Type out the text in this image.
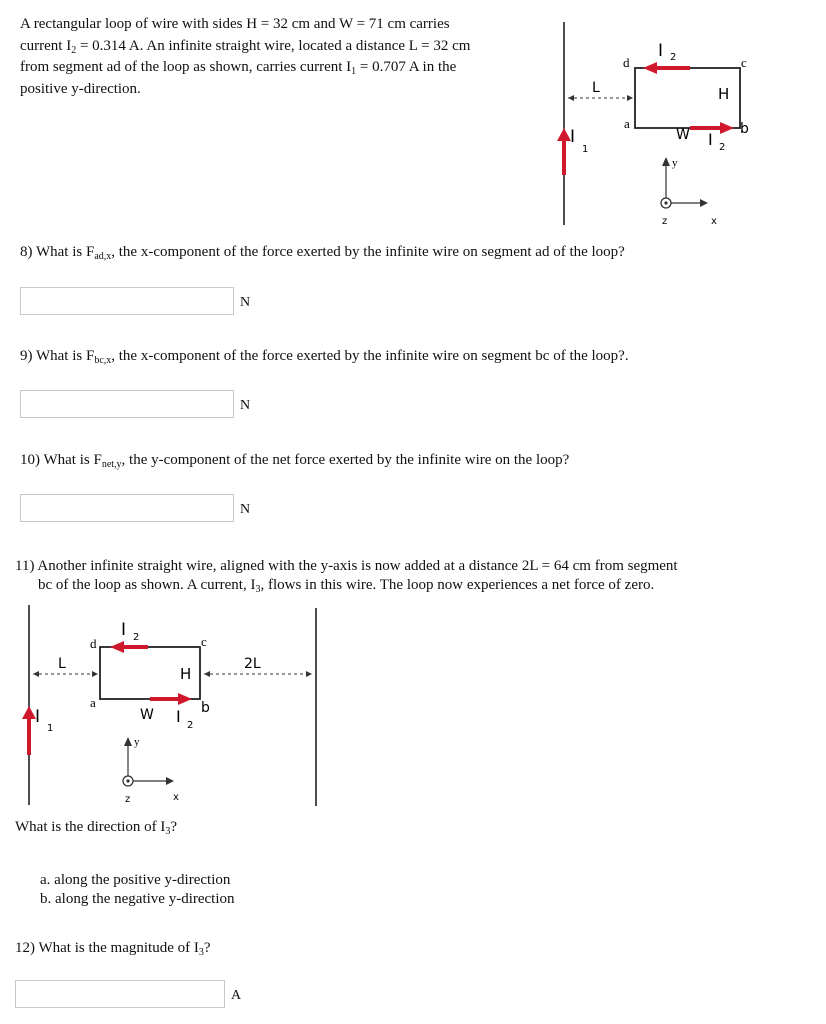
A rectangular loop of wire with sides H = 32 cm and W = 71 cm carries
current $I_2 = 0.314$ A. An infinite straight wire, located a distance L = 32 cm
from segment ad of the loop as shown, carries current $I_1 = 0.707$ A in the
positive y-direction.
I
1
L
I 2
d	c
a	b
H
W I 2
y
x
z
8) What is $F_{ad,x}$, the x-component of the force exerted by the infinite wire on segment ad of the loop?
N
9) What is $F_{bc,x}$, the x-component of the force exerted by the infinite wire on segment bc of the loop?.
N
10) What is $F_{net,y}$, the y-component of the net force exerted by the infinite wire on the loop?
N
11) Another infinite straight wire, aligned with the y-axis is now added at a distance 2L = 64 cm from segment
bc of the loop as shown. A current, $I_3$, flows in this wire. The loop now experiences a net force of zero.
I
1
L	2L
I 2
d	c
a	b
H
W I 2
y
x
z
What is the direction of $I_3$?
a. along the positive y-direction
b. along the negative y-direction
12) What is the magnitude of $I_3$?
A
